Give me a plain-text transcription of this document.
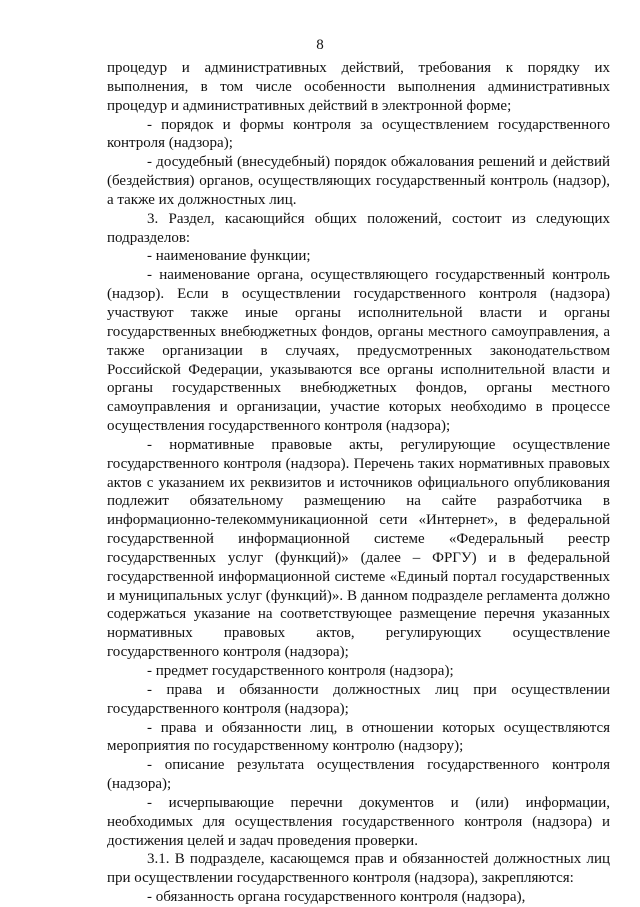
8

процедур и административных действий, требования к порядку их выполнения, в том числе особенности выполнения административных процедур и административных действий в электронной форме;

- порядок и формы контроля за осуществлением государственного контроля (надзора);

- досудебный (внесудебный) порядок обжалования решений и действий (бездействия) органов, осуществляющих государственный контроль (надзор), а также их должностных лиц.

3. Раздел, касающийся общих положений, состоит из следующих подразделов:

- наименование функции;

- наименование органа, осуществляющего государственный контроль (надзор). Если в осуществлении государственного контроля (надзора) участвуют также иные органы исполнительной власти и органы государственных внебюджетных фондов, органы местного самоуправления, а также организации в случаях, предусмотренных законодательством Российской Федерации, указываются все органы исполнительной власти и органы государственных внебюджетных фондов, органы местного самоуправления и организации, участие которых необходимо в процессе осуществления государственного контроля (надзора);

- нормативные правовые акты, регулирующие осуществление государственного контроля (надзора). Перечень таких нормативных правовых актов с указанием их реквизитов и источников официального опубликования подлежит обязательному размещению на сайте разработчика в информационно-телекоммуникационной сети «Интернет», в федеральной государственной информационной системе «Федеральный реестр государственных услуг (функций)» (далее – ФРГУ) и в федеральной государственной информационной системе «Единый портал государственных и муниципальных услуг (функций)». В данном подразделе регламента должно содержаться указание на соответствующее размещение перечня указанных нормативных правовых актов, регулирующих осуществление государственного контроля (надзора);

- предмет государственного контроля (надзора);

- права и обязанности должностных лиц при осуществлении государственного контроля (надзора);

- права и обязанности лиц, в отношении которых осуществляются мероприятия по государственному контролю (надзору);

- описание результата осуществления государственного контроля (надзора);

- исчерпывающие перечни документов и (или) информации, необходимых для осуществления государственного контроля (надзора) и достижения целей и задач проведения проверки.

3.1. В подразделе, касающемся прав и обязанностей должностных лиц при осуществлении государственного контроля (надзора), закрепляются:

- обязанность органа государственного контроля (надзора),
